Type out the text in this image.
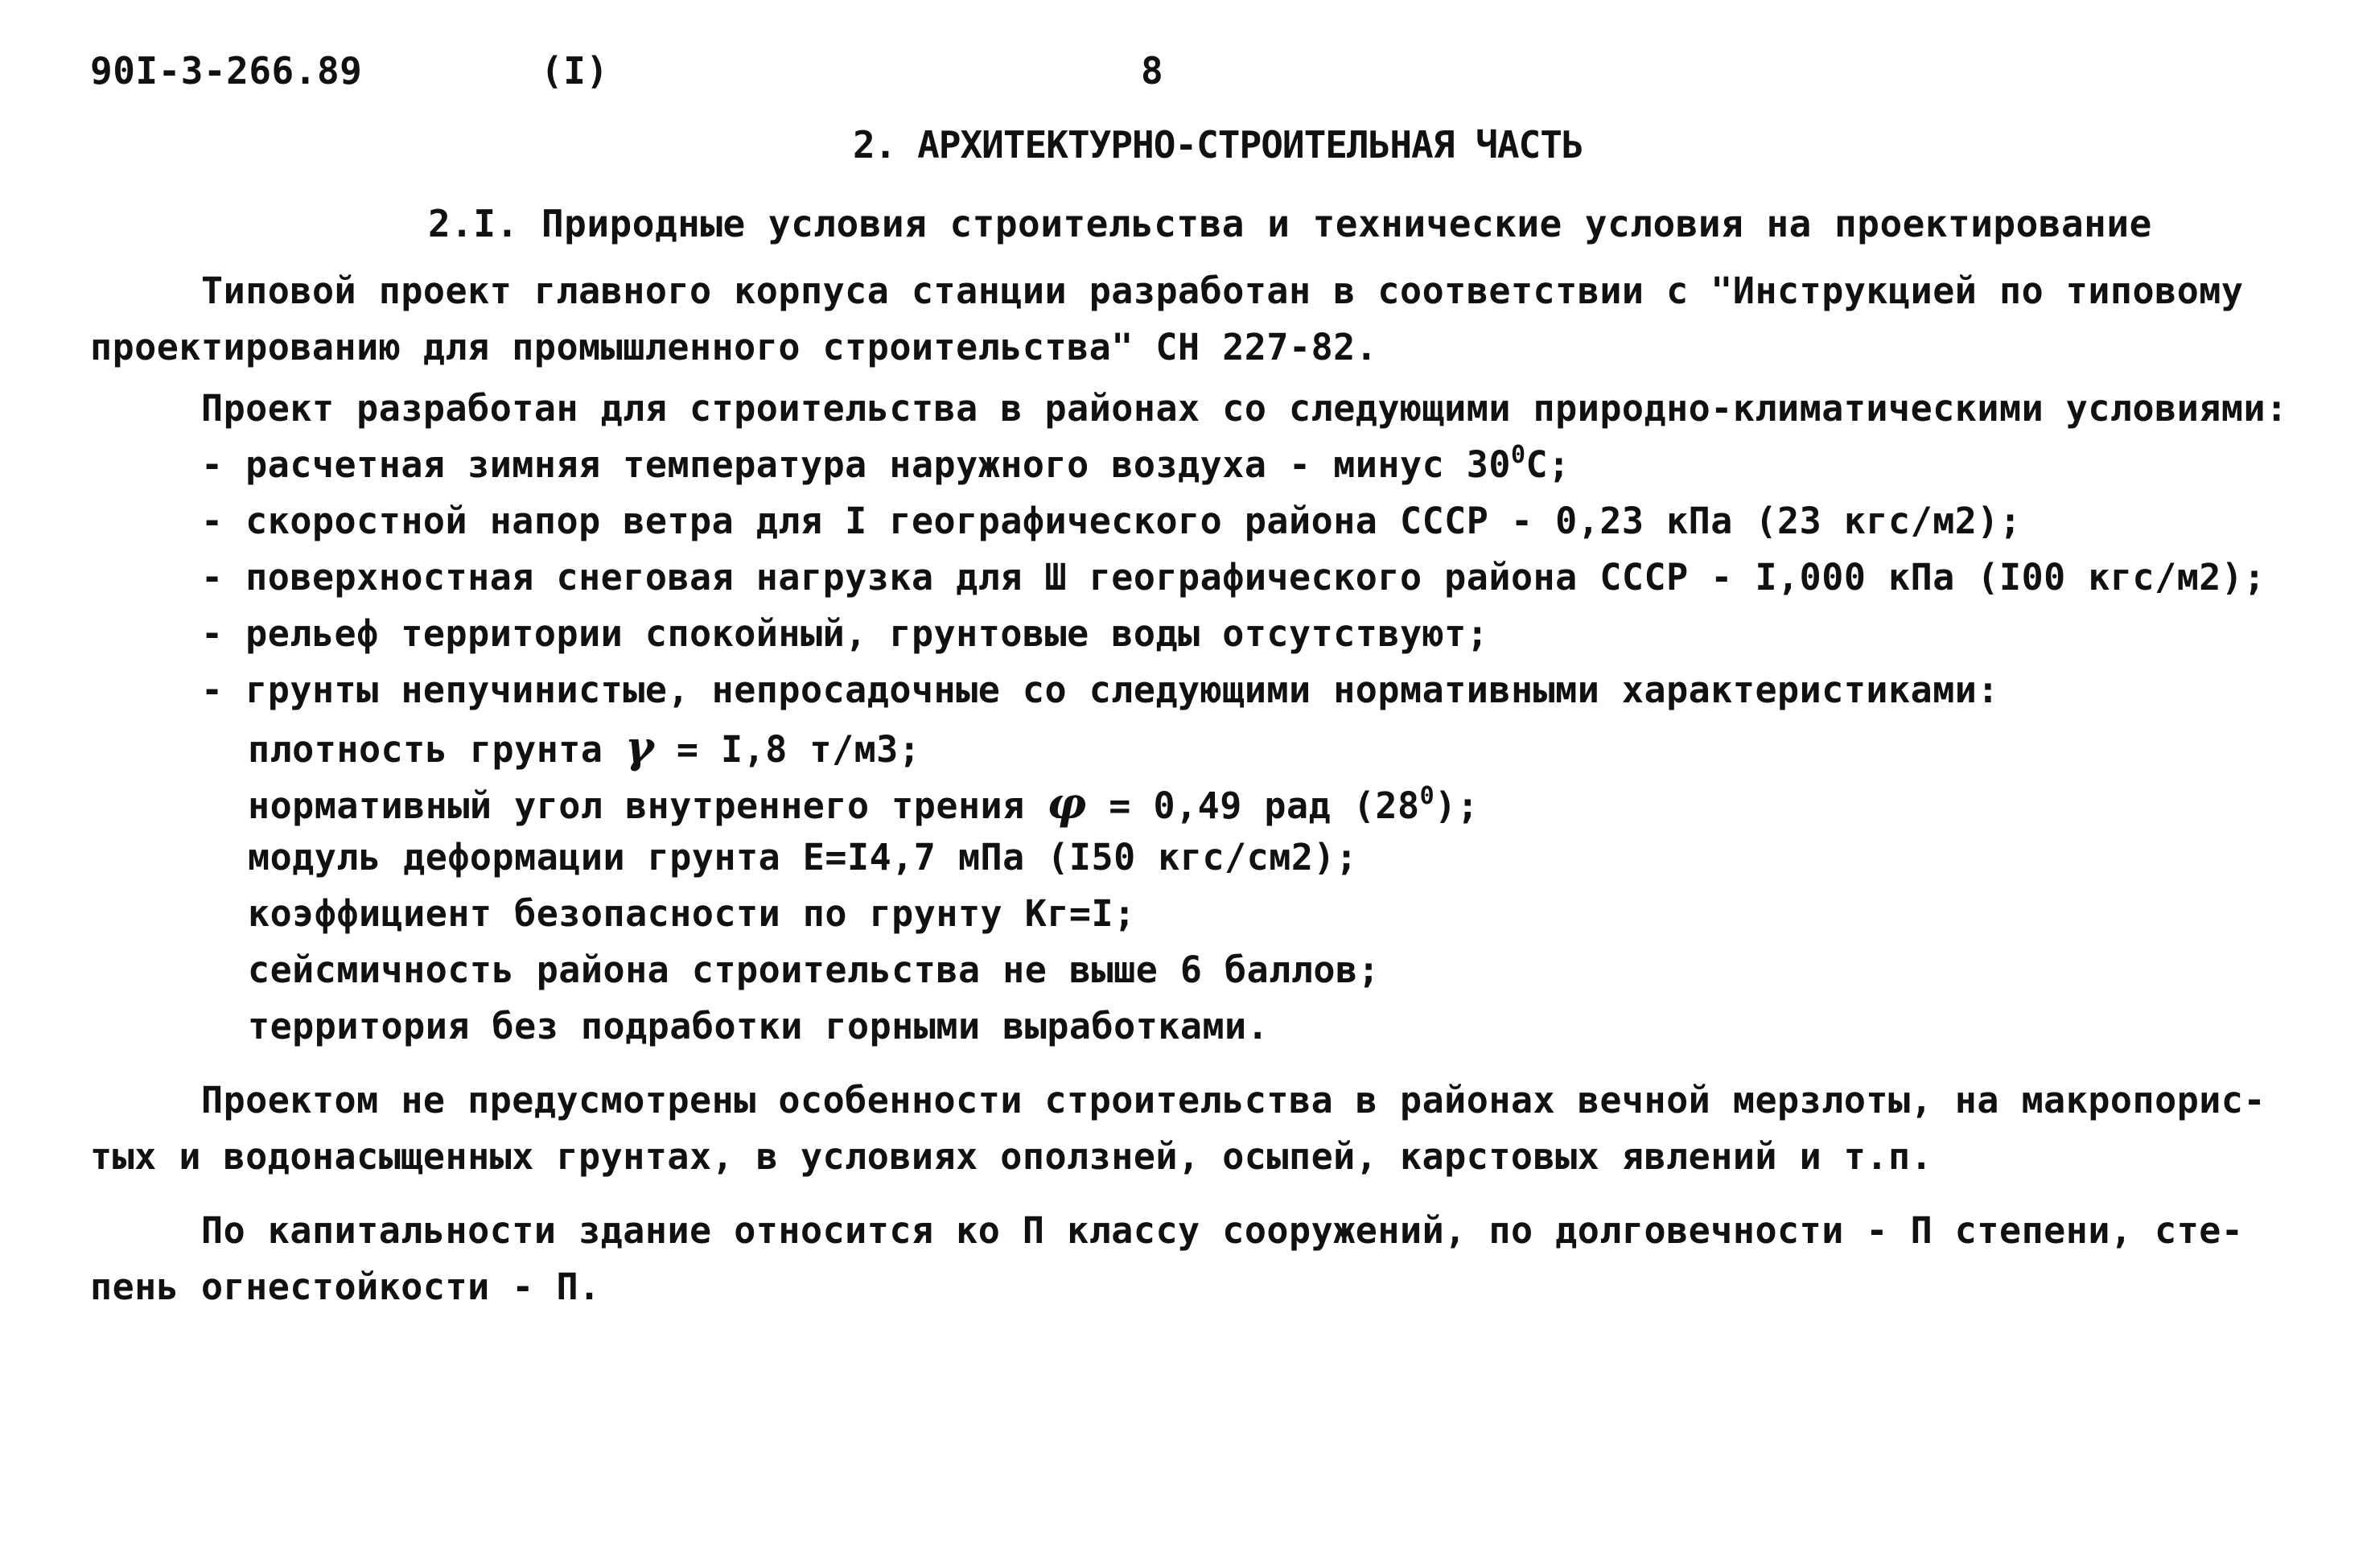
90I-3-266.89	(I)	8
2. АРХИТЕКТУРНО-СТРОИТЕЛЬНАЯ ЧАСТЬ
2.I. Природные условия строительства и технические условия на проектирование
Типовой проект главного корпуса станции разработан в соответствии с "Инструкцией по типовому
проектированию для промышленного строительства" СН 227-82.
Проект разработан для строительства в районах со следующими природно-климатическими условиями:
- расчетная зимняя температура наружного воздуха - минус $30^0С$;
- скоростной напор ветра для I географического района СССР - 0,23 кПа (23 кгс/м2);
- поверхностная снеговая нагрузка для Ш географического района СССР - I,000 кПа (I00 кгс/м2);
- рельеф территории спокойный, грунтовые воды отсутствуют;
- грунты непучинистые, непросадочные со следующими нормативными характеристиками:
плотность грунта γ = I,8 т/м3;
нормативный угол внутреннего трения φ = 0,49 рад $(28^0)$;
модуль деформации грунта Е=I4,7 мПа (I50 кгс/см2);
коэффициент безопасности по грунту Кг=I;
сейсмичность района строительства не выше 6 баллов;
территория без подработки горными выработками.
Проектом не предусмотрены особенности строительства в районах вечной мерзлоты, на макропорис-
тых и водонасыщенных грунтах, в условиях оползней, осыпей, карстовых явлений и т.п.
По капитальности здание относится ко П классу сооружений, по долговечности - П степени, сте-
пень огнестойкости - П.
